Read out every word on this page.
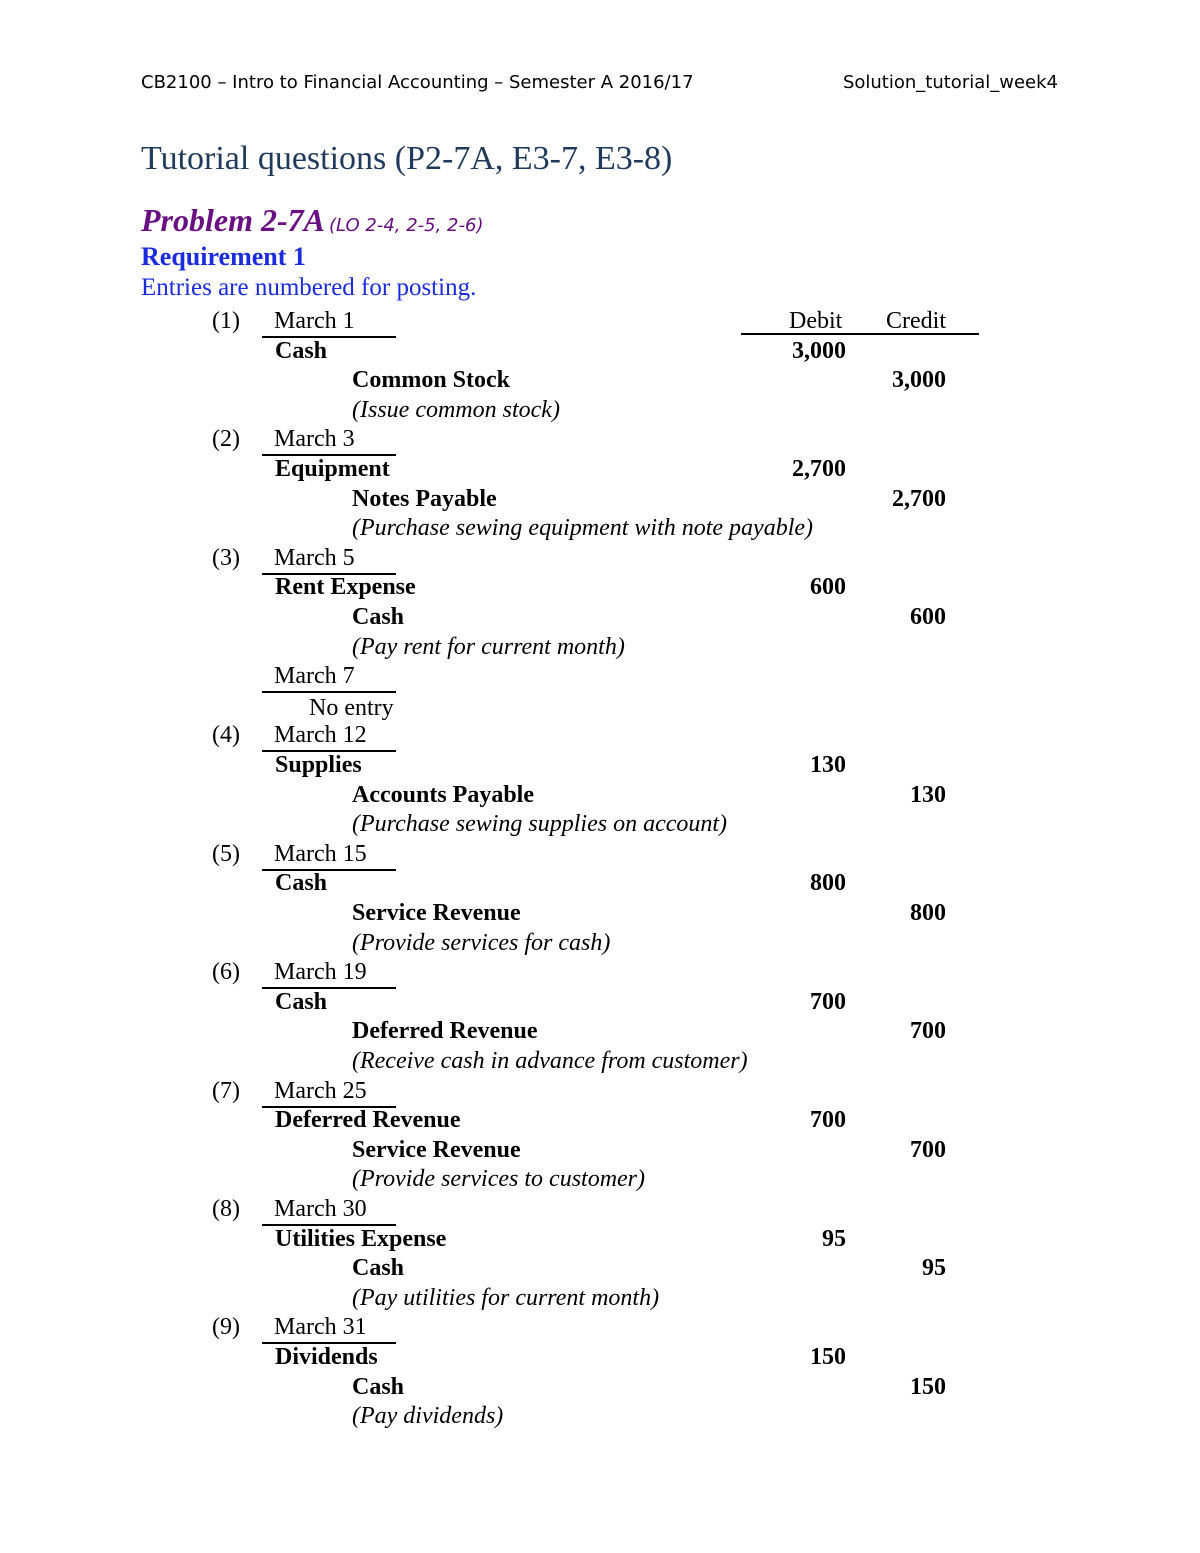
CB2100 – Intro to Financial Accounting – Semester A 2016/17	Solution_tutorial_week4
Tutorial questions (P2-7A, E3-7, E3-8)
Problem 2-7A (LO 2-4, 2-5, 2-6)
Requirement 1
Entries are numbered for posting.
Debit Credit
(1)	March 1
Cash	3,000
Common Stock	3,000
(Issue common stock)
(2)	March 3
Equipment	2,700
Notes Payable	2,700
(Purchase sewing equipment with note payable)
(3)	March 5
Rent Expense	600
Cash	600
(Pay rent for current month)
March 7
No entry
(4)	March 12
Supplies	130
Accounts Payable	130
(Purchase sewing supplies on account)
(5)	March 15
Cash	800
Service Revenue	800
(Provide services for cash)
(6)	March 19
Cash	700
Deferred Revenue	700
(Receive cash in advance from customer)
(7)	March 25
Deferred Revenue	700
Service Revenue	700
(Provide services to customer)
(8)	March 30
Utilities Expense	95
Cash	95
(Pay utilities for current month)
(9)	March 31
Dividends	150
Cash	150
(Pay dividends)
